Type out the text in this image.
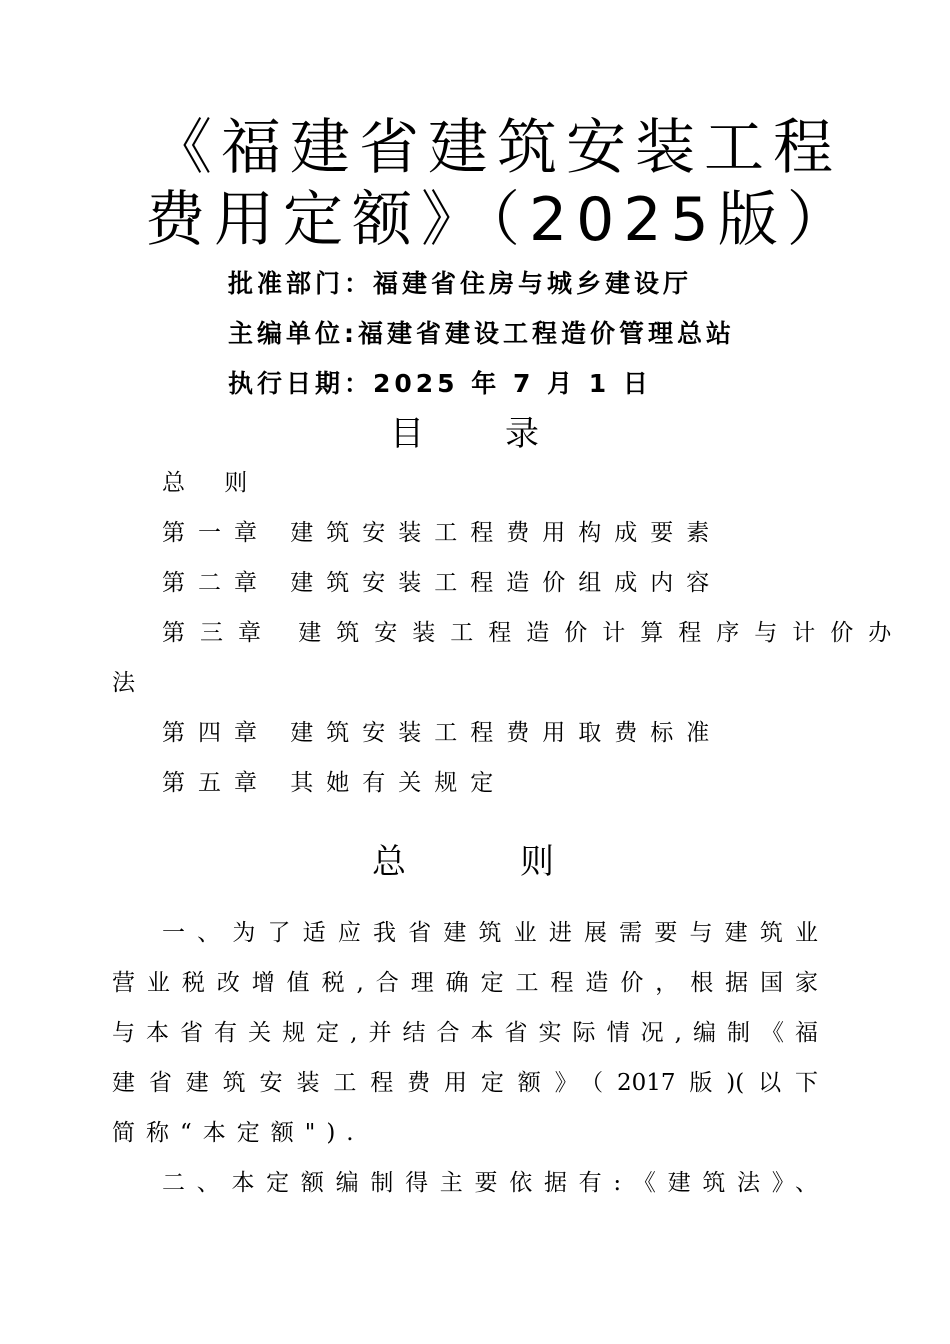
《福建省建筑安装工程
费用定额》（2025版）
批准部门：福建省住房与城乡建设厅
主编单位:福建省建设工程造价管理总站
执行日期：2025 年 7 月 1 日
目 录
总 则
第一章 建筑安装工程费用构成要素
第二章 建筑安装工程造价组成内容
第三章 建筑安装工程造价计算程序与计价办
法
第四章 建筑安装工程费用取费标准
第五章 其她有关规定
总	则
一、为了适应我省建筑业进展需要与建筑业
营业税改增值税,合理确定工程造价，根据国家
与本省有关规定,并结合本省实际情况,编制《福
建省建筑安装工程费用定额》（2017版)(以下
简称“本定额").
二、本定额编制得主要依据有:《建筑法》、
